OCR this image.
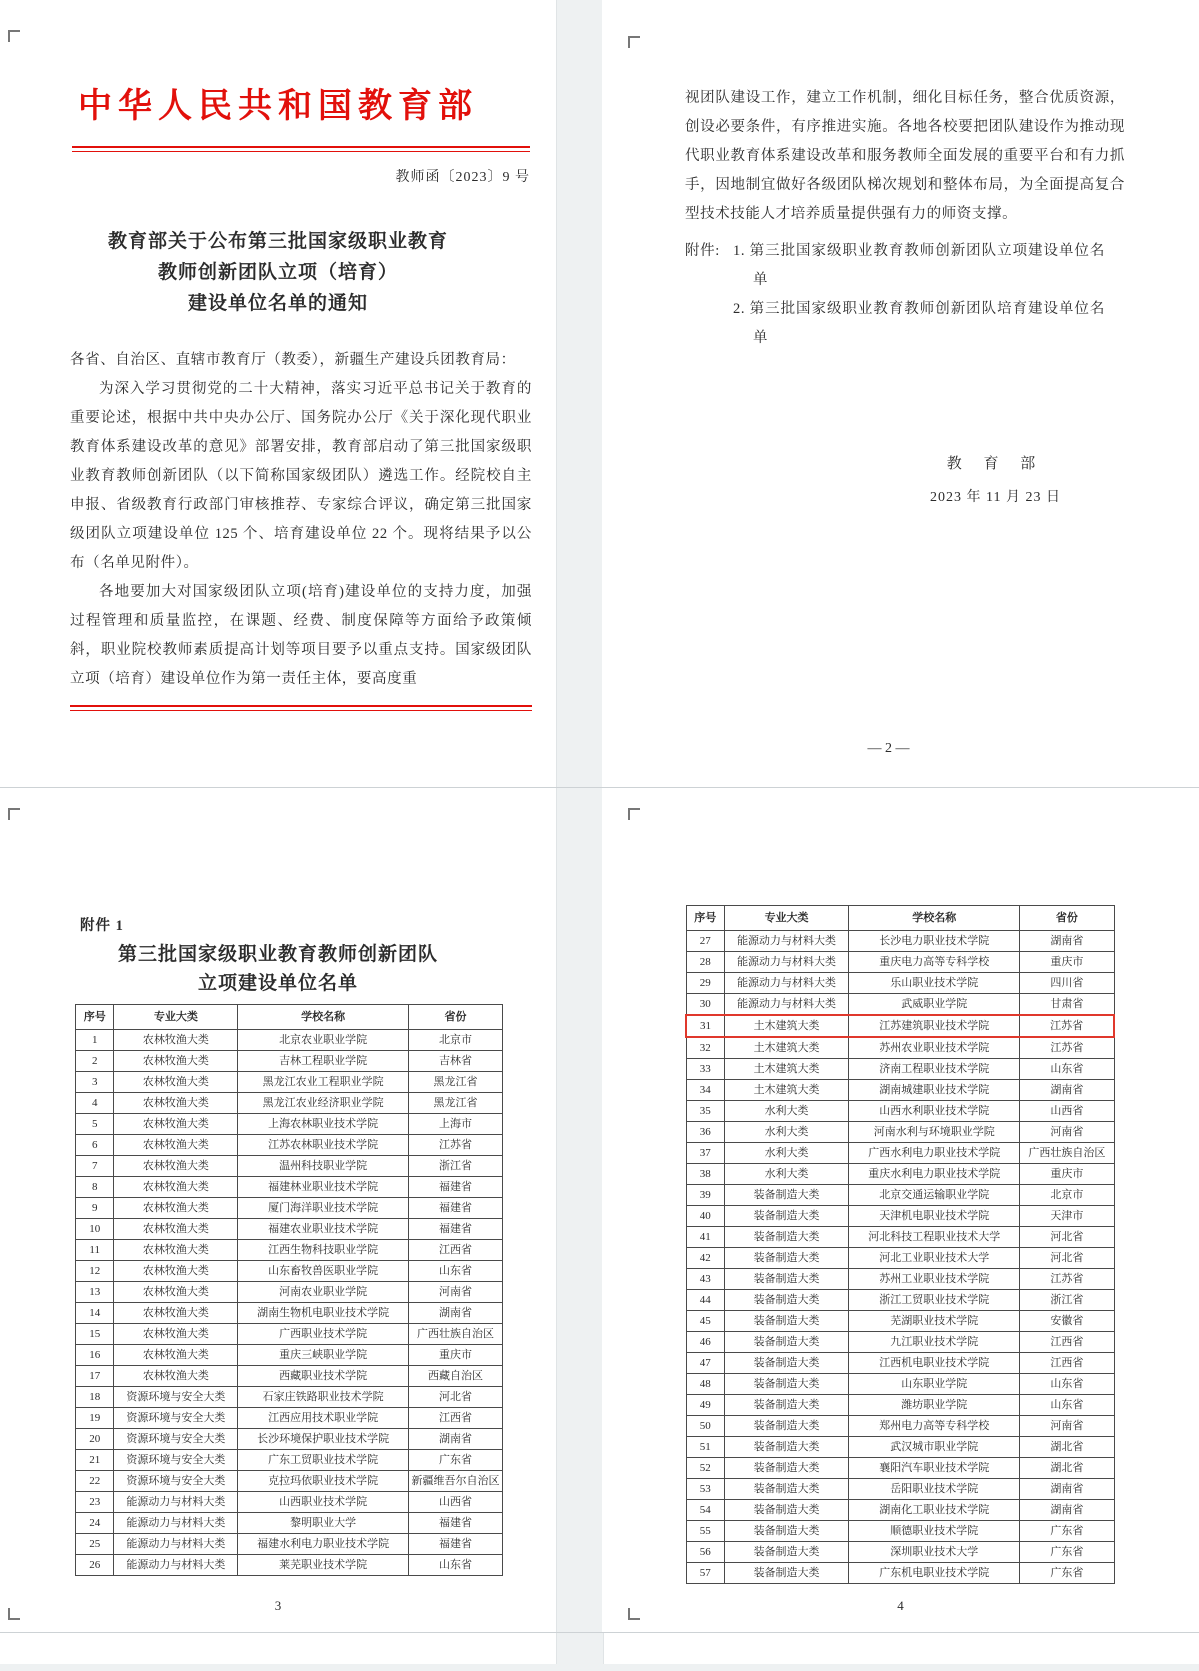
中华人民共和国教育部
教师函〔2023〕9 号
教育部关于公布第三批国家级职业教育
教师创新团队立项（培育）
建设单位名单的通知

各省、自治区、直辖市教育厅（教委），新疆生产建设兵团教育局：

为深入学习贯彻党的二十大精神，落实习近平总书记关于教育的重要论述，根据中共中央办公厅、国务院办公厅《关于深化现代职业教育体系建设改革的意见》部署安排，教育部启动了第三批国家级职业教育教师创新团队（以下简称国家级团队）遴选工作。经院校自主申报、省级教育行政部门审核推荐、专家综合评议，确定第三批国家级团队立项建设单位 125 个、培育建设单位 22 个。现将结果予以公布（名单见附件）。

各地要加大对国家级团队立项(培育)建设单位的支持力度，加强过程管理和质量监控，在课题、经费、制度保障等方面给予政策倾斜，职业院校教师素质提高计划等项目要予以重点支持。国家级团队立项（培育）建设单位作为第一责任主体，要高度重

视团队建设工作，建立工作机制，细化目标任务，整合优质资源，创设必要条件，有序推进实施。各地各校要把团队建设作为推动现代职业教育体系建设改革和服务教师全面发展的重要平台和有力抓手，因地制宜做好各级团队梯次规划和整体布局，为全面提高复合型技术技能人才培养质量提供强有力的师资支撑。

附件: 1. 第三批国家级职业教育教师创新团队立项建设单位名单
2. 第三批国家级职业教育教师创新团队培育建设单位名单
教 育 部
2023 年 11 月 23 日
— 2 —
附件 1
第三批国家级职业教育教师创新团队
立项建设单位名单
序号	专业大类	学校名称	省份
1	农林牧渔大类	北京农业职业学院	北京市
2	农林牧渔大类	吉林工程职业学院	吉林省
3	农林牧渔大类	黑龙江农业工程职业学院	黑龙江省
4	农林牧渔大类	黑龙江农业经济职业学院	黑龙江省
5	农林牧渔大类	上海农林职业技术学院	上海市
6	农林牧渔大类	江苏农林职业技术学院	江苏省
7	农林牧渔大类	温州科技职业学院	浙江省
8	农林牧渔大类	福建林业职业技术学院	福建省
9	农林牧渔大类	厦门海洋职业技术学院	福建省
10	农林牧渔大类	福建农业职业技术学院	福建省
11	农林牧渔大类	江西生物科技职业学院	江西省
12	农林牧渔大类	山东畜牧兽医职业学院	山东省
13	农林牧渔大类	河南农业职业学院	河南省
14	农林牧渔大类	湖南生物机电职业技术学院	湖南省
15	农林牧渔大类	广西职业技术学院	广西壮族自治区
16	农林牧渔大类	重庆三峡职业学院	重庆市
17	农林牧渔大类	西藏职业技术学院	西藏自治区
18	资源环境与安全大类	石家庄铁路职业技术学院	河北省
19	资源环境与安全大类	江西应用技术职业学院	江西省
20	资源环境与安全大类	长沙环境保护职业技术学院	湖南省
21	资源环境与安全大类	广东工贸职业技术学院	广东省
22	资源环境与安全大类	克拉玛依职业技术学院	新疆维吾尔自治区
23	能源动力与材料大类	山西职业技术学院	山西省
24	能源动力与材料大类	黎明职业大学	福建省
25	能源动力与材料大类	福建水利电力职业技术学院	福建省
26	能源动力与材料大类	莱芜职业技术学院	山东省
3
序号	专业大类	学校名称	省份
27	能源动力与材料大类	长沙电力职业技术学院	湖南省
28	能源动力与材料大类	重庆电力高等专科学校	重庆市
29	能源动力与材料大类	乐山职业技术学院	四川省
30	能源动力与材料大类	武威职业学院	甘肃省
31	土木建筑大类	江苏建筑职业技术学院	江苏省
32	土木建筑大类	苏州农业职业技术学院	江苏省
33	土木建筑大类	济南工程职业技术学院	山东省
34	土木建筑大类	湖南城建职业技术学院	湖南省
35	水利大类	山西水利职业技术学院	山西省
36	水利大类	河南水利与环境职业学院	河南省
37	水利大类	广西水利电力职业技术学院	广西壮族自治区
38	水利大类	重庆水利电力职业技术学院	重庆市
39	装备制造大类	北京交通运输职业学院	北京市
40	装备制造大类	天津机电职业技术学院	天津市
41	装备制造大类	河北科技工程职业技术大学	河北省
42	装备制造大类	河北工业职业技术大学	河北省
43	装备制造大类	苏州工业职业技术学院	江苏省
44	装备制造大类	浙江工贸职业技术学院	浙江省
45	装备制造大类	芜湖职业技术学院	安徽省
46	装备制造大类	九江职业技术学院	江西省
47	装备制造大类	江西机电职业技术学院	江西省
48	装备制造大类	山东职业学院	山东省
49	装备制造大类	潍坊职业学院	山东省
50	装备制造大类	郑州电力高等专科学校	河南省
51	装备制造大类	武汉城市职业学院	湖北省
52	装备制造大类	襄阳汽车职业技术学院	湖北省
53	装备制造大类	岳阳职业技术学院	湖南省
54	装备制造大类	湖南化工职业技术学院	湖南省
55	装备制造大类	顺德职业技术学院	广东省
56	装备制造大类	深圳职业技术大学	广东省
57	装备制造大类	广东机电职业技术学院	广东省
4
